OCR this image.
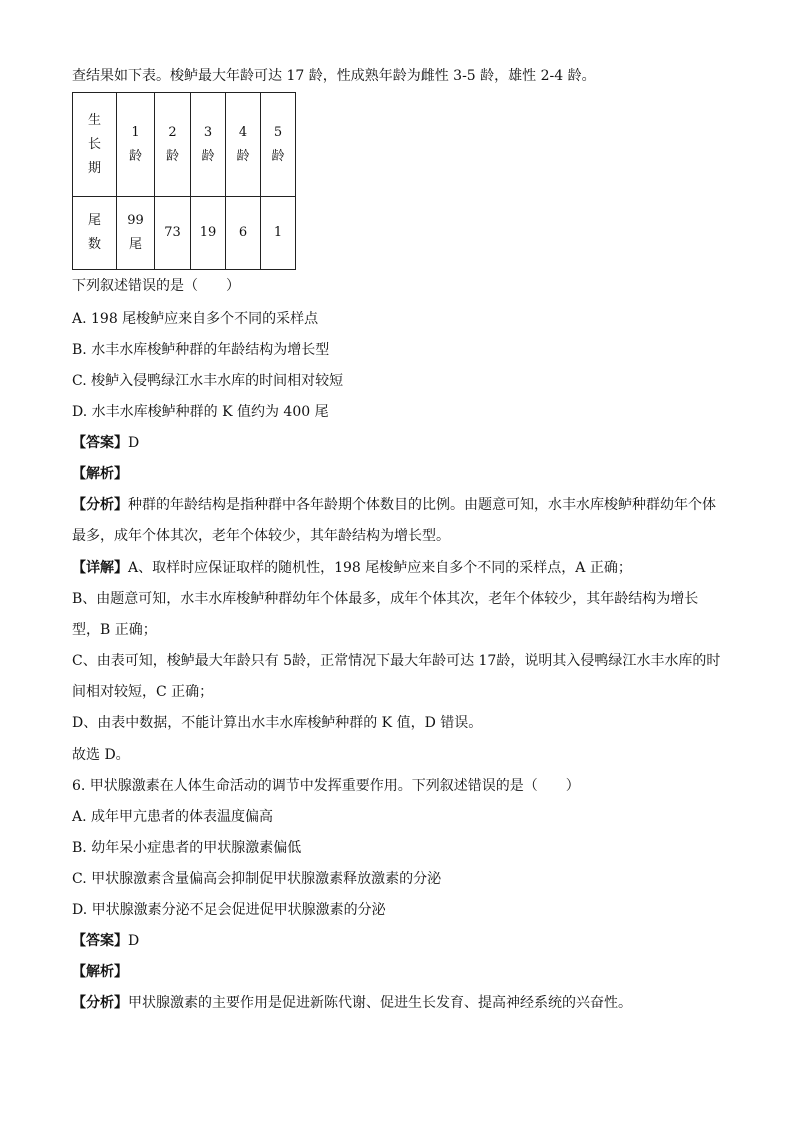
查结果如下表。梭鲈最大年龄可达 17 龄，性成熟年龄为雌性 3-5 龄，雄性 2-4 龄。
生长期	1龄	2龄	3龄	4龄	5龄
尾数	99尾	73	19	6	1
下列叙述错误的是（　　）
A. 198 尾梭鲈应来自多个不同的采样点
B. 水丰水库梭鲈种群的年龄结构为增长型
C. 梭鲈入侵鸭绿江水丰水库的时间相对较短
D. 水丰水库梭鲈种群的 K 值约为 400 尾
【答案】D
【解析】
【分析】种群的年龄结构是指种群中各年龄期个体数目的比例。由题意可知，水丰水库梭鲈种群幼年个体最多，成年个体其次，老年个体较少，其年龄结构为增长型。
【详解】A、取样时应保证取样的随机性，198 尾梭鲈应来自多个不同的采样点，A 正确；
B、由题意可知，水丰水库梭鲈种群幼年个体最多，成年个体其次，老年个体较少，其年龄结构为增长型，B 正确；
C、由表可知，梭鲈最大年龄只有 5龄，正常情况下最大年龄可达 17龄，说明其入侵鸭绿江水丰水库的时间相对较短，C 正确；
D、由表中数据，不能计算出水丰水库梭鲈种群的 K 值，D 错误。
故选 D。
6. 甲状腺激素在人体生命活动的调节中发挥重要作用。下列叙述错误的是（　　）
A. 成年甲亢患者的体表温度偏高
B. 幼年呆小症患者的甲状腺激素偏低
C. 甲状腺激素含量偏高会抑制促甲状腺激素释放激素的分泌
D. 甲状腺激素分泌不足会促进促甲状腺激素的分泌
【答案】D
【解析】
【分析】甲状腺激素的主要作用是促进新陈代谢、促进生长发育、提高神经系统的兴奋性。
